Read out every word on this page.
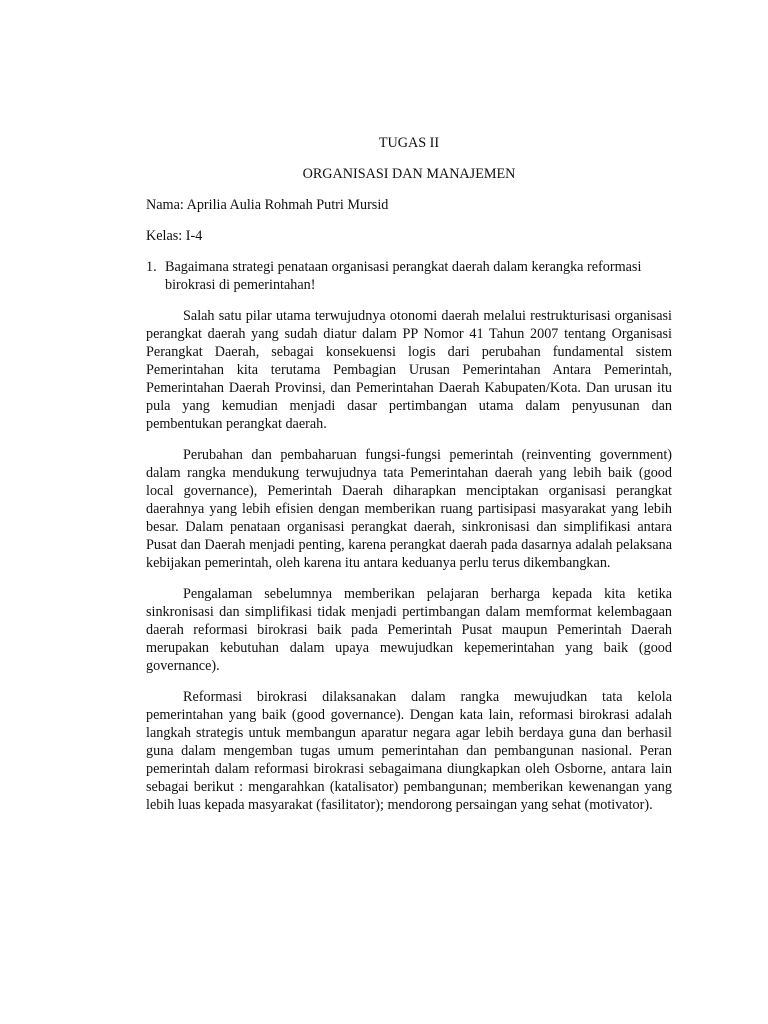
TUGAS II

ORGANISASI DAN MANAJEMEN

Nama: Aprilia Aulia Rohmah Putri Mursid

Kelas: I-4

1. Bagaimana strategi penataan organisasi perangkat daerah dalam kerangka reformasi birokrasi di pemerintahan!

Salah satu pilar utama terwujudnya otonomi daerah melalui restrukturisasi organisasi perangkat daerah yang sudah diatur dalam PP Nomor 41 Tahun 2007 tentang Organisasi Perangkat Daerah, sebagai konsekuensi logis dari perubahan fundamental sistem Pemerintahan kita terutama Pembagian Urusan Pemerintahan Antara Pemerintah, Pemerintahan Daerah Provinsi, dan Pemerintahan Daerah Kabupaten/Kota. Dan urusan itu pula yang kemudian menjadi dasar pertimbangan utama dalam penyusunan dan pembentukan perangkat daerah.

Perubahan dan pembaharuan fungsi-fungsi pemerintah (reinventing government) dalam rangka mendukung terwujudnya tata Pemerintahan daerah yang lebih baik (good local governance), Pemerintah Daerah diharapkan menciptakan organisasi perangkat daerahnya yang lebih efisien dengan memberikan ruang partisipasi masyarakat yang lebih besar. Dalam penataan organisasi perangkat daerah, sinkronisasi dan simplifikasi antara Pusat dan Daerah menjadi penting, karena perangkat daerah pada dasarnya adalah pelaksana kebijakan pemerintah, oleh karena itu antara keduanya perlu terus dikembangkan.

Pengalaman sebelumnya memberikan pelajaran berharga kepada kita ketika sinkronisasi dan simplifikasi tidak menjadi pertimbangan dalam memformat kelembagaan daerah reformasi birokrasi baik pada Pemerintah Pusat maupun Pemerintah Daerah merupakan kebutuhan dalam upaya mewujudkan kepemerintahan yang baik (good governance).

Reformasi birokrasi dilaksanakan dalam rangka mewujudkan tata kelola pemerintahan yang baik (good governance). Dengan kata lain, reformasi birokrasi adalah langkah strategis untuk membangun aparatur negara agar lebih berdaya guna dan berhasil guna dalam mengemban tugas umum pemerintahan dan pembangunan nasional. Peran pemerintah dalam reformasi birokrasi sebagaimana diungkapkan oleh Osborne, antara lain sebagai berikut : mengarahkan (katalisator) pembangunan; memberikan kewenangan yang lebih luas kepada masyarakat (fasilitator); mendorong persaingan yang sehat (motivator).
